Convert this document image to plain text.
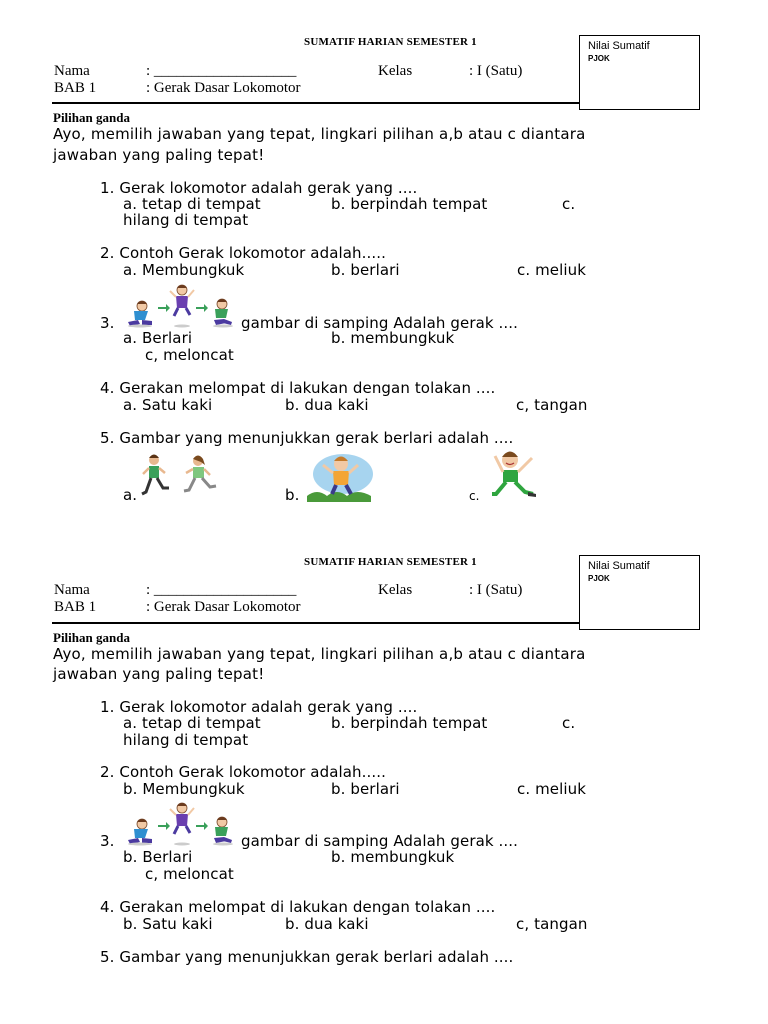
SUMATIF HARIAN SEMESTER 1
Nama	: ___________________	Kelas	: I (Satu)
BAB 1	: Gerak Dasar Lokomotor
Nilai Sumatif
PJOK
Pilihan ganda
Ayo, memilih jawaban yang tepat, lingkari pilihan a,b atau c diantara
jawaban yang paling tepat!
1. Gerak lokomotor adalah gerak yang ....
a. tetap di tempat	b. berpindah tempat	c.
hilang di tempat
2. Contoh Gerak lokomotor adalah.....
a. Membungkuk	b. berlari	c. meliuk
3.	gambar di samping Adalah gerak ....
a. Berlari	b. membungkuk
c, meloncat
4. Gerakan melompat di lakukan dengan tolakan ....
a. Satu kaki	b. dua kaki	c, tangan
5. Gambar yang menunjukkan gerak berlari adalah ....
a.	b.	c.
SUMATIF HARIAN SEMESTER 1
Nama	: ___________________	Kelas	: I (Satu)
BAB 1	: Gerak Dasar Lokomotor
Nilai Sumatif
PJOK
Pilihan ganda
Ayo, memilih jawaban yang tepat, lingkari pilihan a,b atau c diantara
jawaban yang paling tepat!
1. Gerak lokomotor adalah gerak yang ....
a. tetap di tempat	b. berpindah tempat	c.
hilang di tempat
2. Contoh Gerak lokomotor adalah.....
b. Membungkuk	b. berlari	c. meliuk
3.	gambar di samping Adalah gerak ....
b. Berlari	b. membungkuk
c, meloncat
4. Gerakan melompat di lakukan dengan tolakan ....
b. Satu kaki	b. dua kaki	c, tangan
5. Gambar yang menunjukkan gerak berlari adalah ....
